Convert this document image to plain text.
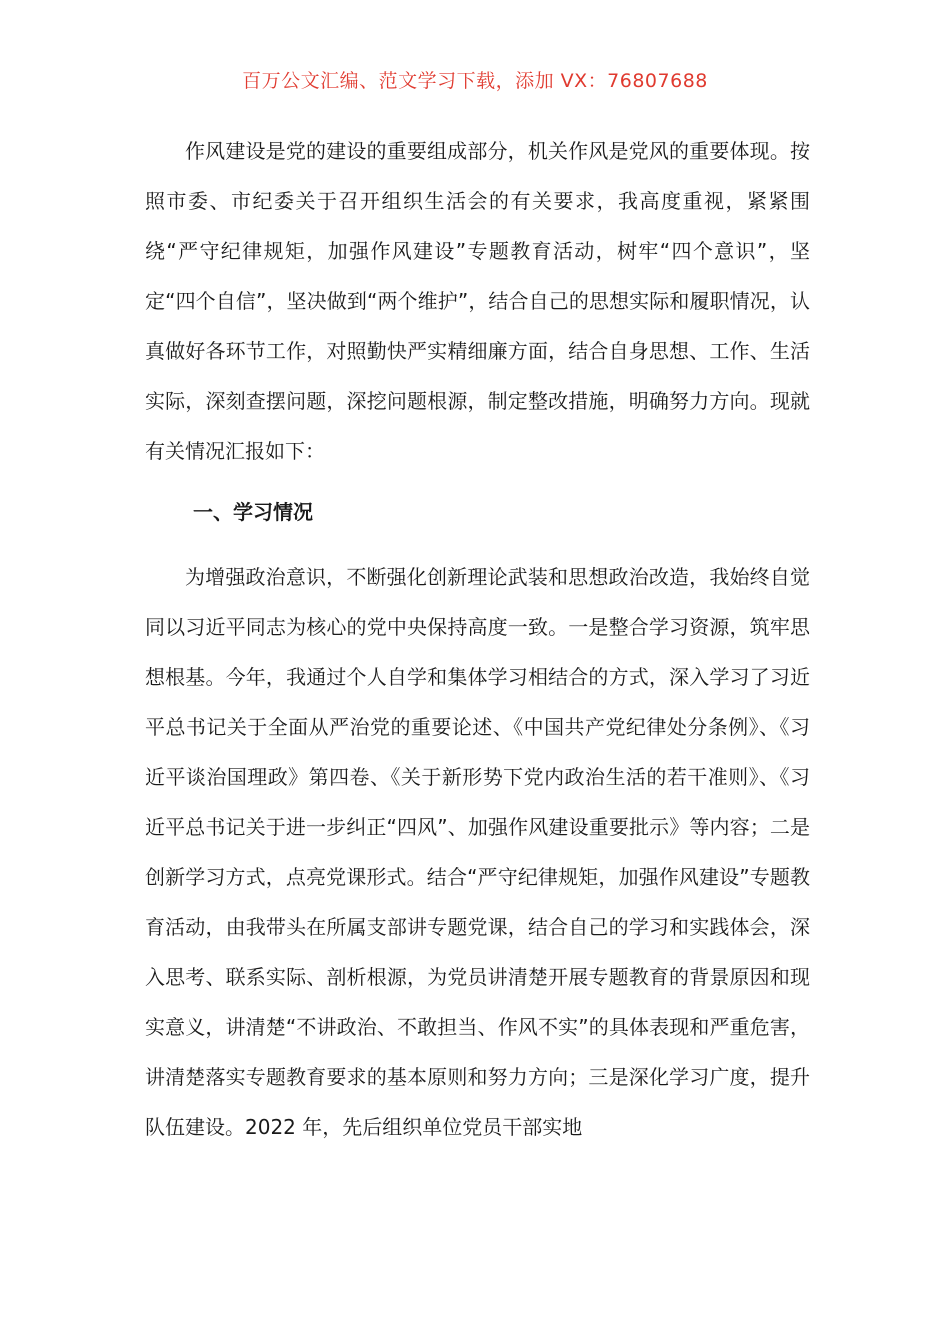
百万公文汇编、范文学习下载，添加 VX：76807688
作风建设是党的建设的重要组成部分，机关作风是党风的重要体现。按照市委、市纪委关于召开组织生活会的有关要求，我高度重视，紧紧围绕“严守纪律规矩，加强作风建设”专题教育活动，树牢“四个意识”，坚定“四个自信”，坚决做到“两个维护”，结合自己的思想实际和履职情况，认真做好各环节工作，对照勤快严实精细廉方面，结合自身思想、工作、生活实际，深刻查摆问题，深挖问题根源，制定整改措施，明确努力方向。现就有关情况汇报如下：
一、学习情况
为增强政治意识，不断强化创新理论武装和思想政治改造，我始终自觉同以习近平同志为核心的党中央保持高度一致。一是整合学习资源，筑牢思想根基。今年，我通过个人自学和集体学习相结合的方式，深入学习了习近平总书记关于全面从严治党的重要论述、《中国共产党纪律处分条例》、《习近平谈治国理政》第四卷、《关于新形势下党内政治生活的若干准则》、《习近平总书记关于进一步纠正“四风”、加强作风建设重要批示》等内容；二是创新学习方式，点亮党课形式。结合“严守纪律规矩，加强作风建设”专题教育活动，由我带头在所属支部讲专题党课，结合自己的学习和实践体会，深入思考、联系实际、剖析根源，为党员讲清楚开展专题教育的背景原因和现实意义，讲清楚“不讲政治、不敢担当、作风不实”的具体表现和严重危害，讲清楚落实专题教育要求的基本原则和努力方向；三是深化学习广度，提升队伍建设。2022 年，先后组织单位党员干部实地
